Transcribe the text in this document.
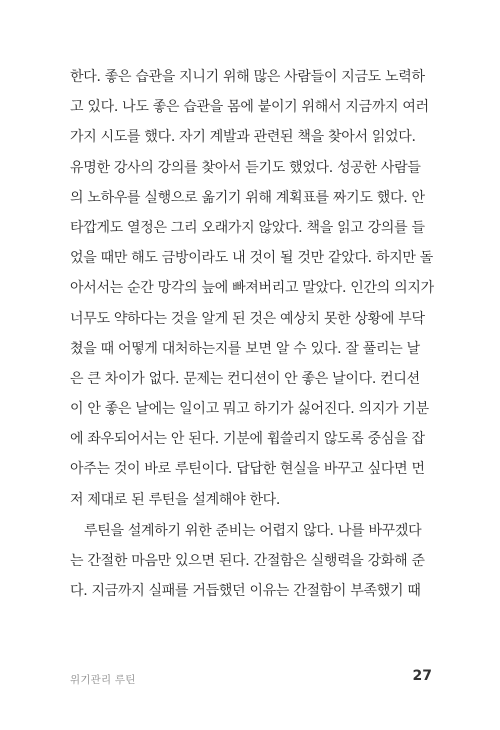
한다. 좋은 습관을 지니기 위해 많은 사람들이 지금도 노력하
고 있다. 나도 좋은 습관을 몸에 붙이기 위해서 지금까지 여러
가지 시도를 했다. 자기 계발과 관련된 책을 찾아서 읽었다.
유명한 강사의 강의를 찾아서 듣기도 했었다. 성공한 사람들
의 노하우를 실행으로 옮기기 위해 계획표를 짜기도 했다. 안
타깝게도 열정은 그리 오래가지 않았다. 책을 읽고 강의를 들
었을 때만 해도 금방이라도 내 것이 될 것만 같았다. 하지만 돌
아서서는 순간 망각의 늪에 빠져버리고 말았다. 인간의 의지가
너무도 약하다는 것을 알게 된 것은 예상치 못한 상황에 부닥
쳤을 때 어떻게 대처하는지를 보면 알 수 있다. 잘 풀리는 날
은 큰 차이가 없다. 문제는 컨디션이 안 좋은 날이다. 컨디션
이 안 좋은 날에는 일이고 뭐고 하기가 싫어진다. 의지가 기분
에 좌우되어서는 안 된다. 기분에 휩쓸리지 않도록 중심을 잡
아주는 것이 바로 루틴이다. 답답한 현실을 바꾸고 싶다면 먼
저 제대로 된 루틴을 설계해야 한다.
루틴을 설계하기 위한 준비는 어렵지 않다. 나를 바꾸겠다
는 간절한 마음만 있으면 된다. 간절함은 실행력을 강화해 준
다. 지금까지 실패를 거듭했던 이유는 간절함이 부족했기 때
위기관리 루틴	27
